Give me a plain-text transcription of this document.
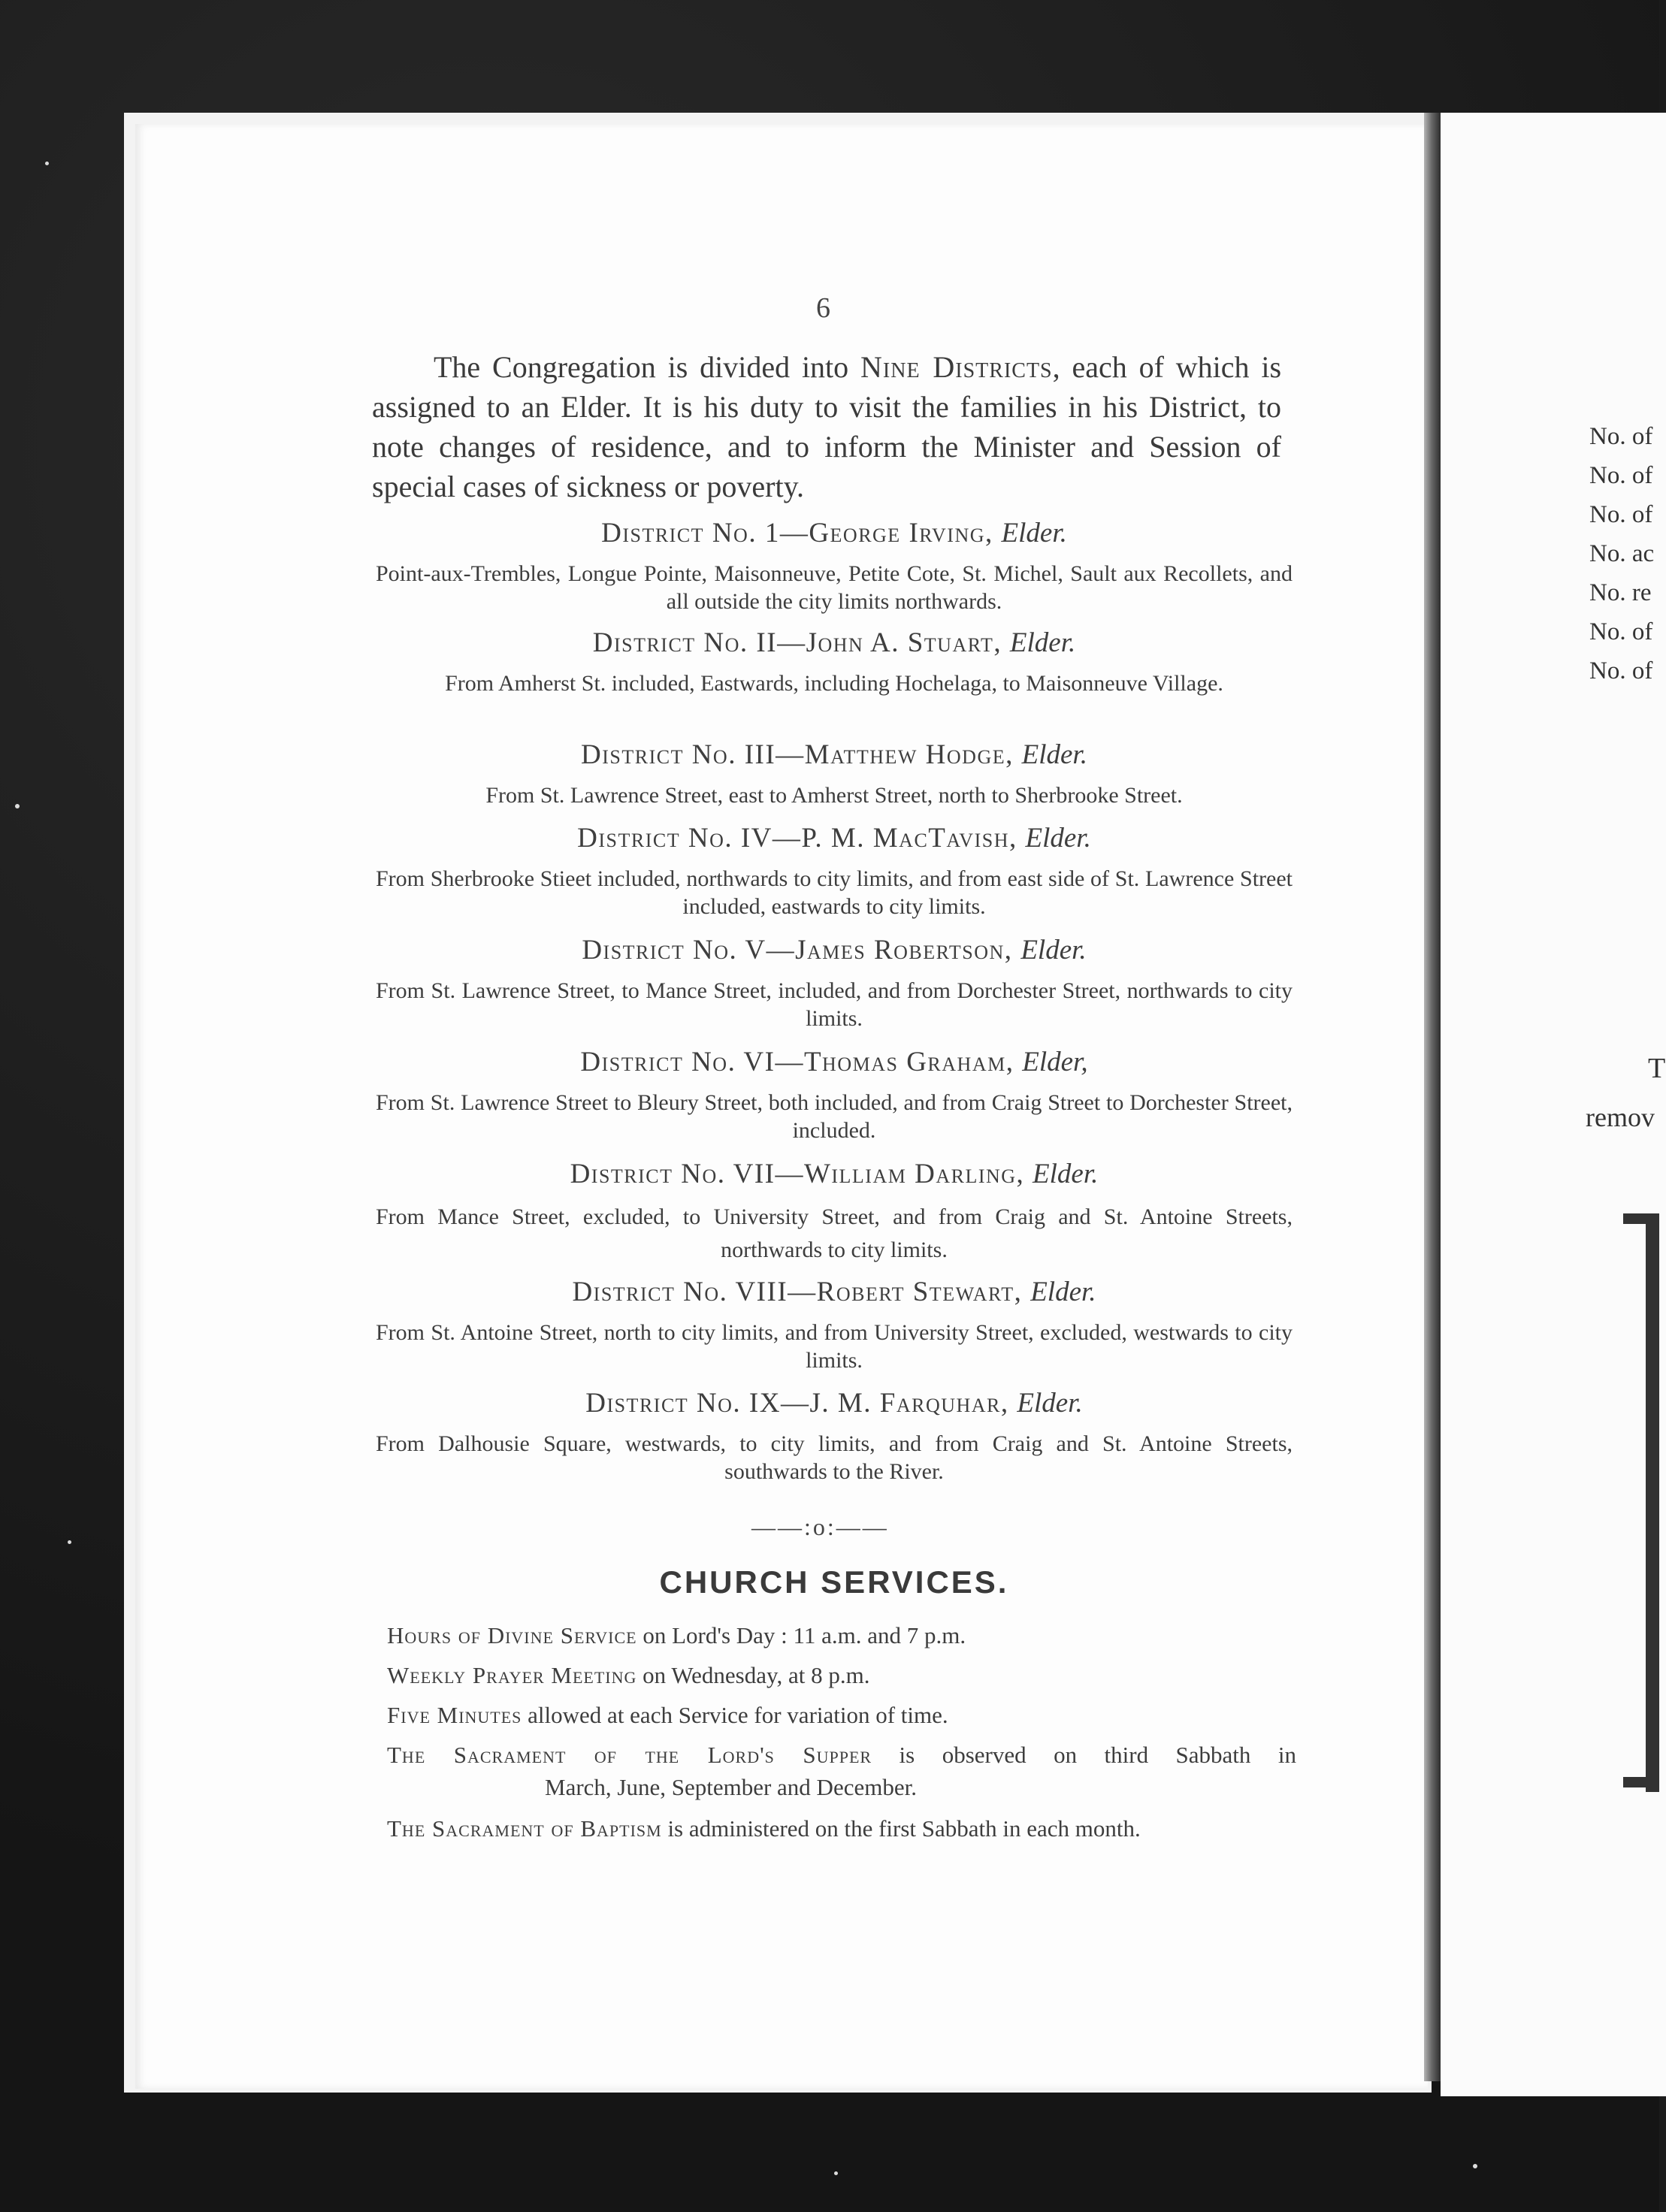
6

The Congregation is divided into Nine Districts, each of which is assigned to an Elder. It is his duty to visit the families in his District, to note changes of residence, and to inform the Minister and Session of special cases of sickness or poverty.

District No. 1—George Irving, Elder.
Point-aux-Trembles, Longue Pointe, Maisonneuve, Petite Cote, St. Michel, Sault aux Recollets, and all outside the city limits northwards.
District No. II—John A. Stuart, Elder.
From Amherst St. included, Eastwards, including Hochelaga, to Maisonneuve Village.
District No. III—Matthew Hodge, Elder.
From St. Lawrence Street, east to Amherst Street, north to Sherbrooke Street.
District No. IV—P. M. MacTavish, Elder.
From Sherbrooke Stieet included, northwards to city limits, and from east side of St. Lawrence Street included, eastwards to city limits.
District No. V—James Robertson, Elder.
From St. Lawrence Street, to Mance Street, included, and from Dorchester Street, northwards to city limits.
District No. VI—Thomas Graham, Elder,
From St. Lawrence Street to Bleury Street, both included, and from Craig Street to Dorchester Street, included.
District No. VII—William Darling, Elder.
From Mance Street, excluded, to University Street, and from Craig and St. Antoine Streets, northwards to city limits.
District No. VIII—Robert Stewart, Elder.
From St. Antoine Street, north to city limits, and from University Street, excluded, westwards to city limits.
District No. IX—J. M. Farquhar, Elder.
From Dalhousie Square, westwards, to city limits, and from Craig and St. Antoine Streets, southwards to the River.
——:o:——
CHURCH SERVICES.
Hours of Divine Service on Lord's Day : 11 a.m. and 7 p.m.
Weekly Prayer Meeting on Wednesday, at 8 p.m.
Five Minutes allowed at each Service for variation of time.
The Sacrament of the Lord's Supper is observed on third Sabbath in
March, June, September and December.
The Sacrament of Baptism is administered on the first Sabbath in each month.
No. of
No. of
No. of
No. ac
No. re
No. of
No. of
T
remov
